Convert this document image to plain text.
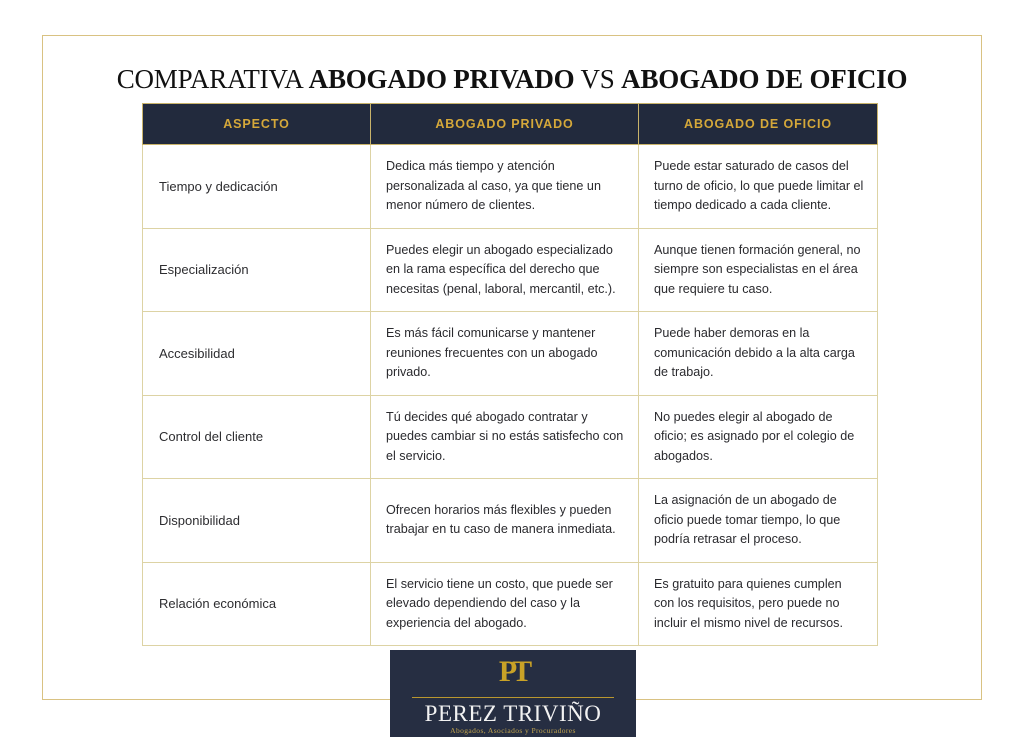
COMPARATIVA ABOGADO PRIVADO VS ABOGADO DE OFICIO
ASPECTO	ABOGADO PRIVADO	ABOGADO DE OFICIO
Tiempo y dedicación	Dedica más tiempo y atención personalizada al caso, ya que tiene un menor número de clientes.	Puede estar saturado de casos del turno de oficio, lo que puede limitar el tiempo dedicado a cada cliente.
Especialización	Puedes elegir un abogado especializado en la rama específica del derecho que necesitas (penal, laboral, mercantil, etc.).	Aunque tienen formación general, no siempre son especialistas en el área que requiere tu caso.
Accesibilidad	Es más fácil comunicarse y mantener reuniones frecuentes con un abogado privado.	Puede haber demoras en la comunicación debido a la alta carga de trabajo.
Control del cliente	Tú decides qué abogado contratar y puedes cambiar si no estás satisfecho con el servicio.	No puedes elegir al abogado de oficio; es asignado por el colegio de abogados.
Disponibilidad	Ofrecen horarios más flexibles y pueden trabajar en tu caso de manera inmediata.	La asignación de un abogado de oficio puede tomar tiempo, lo que podría retrasar el proceso.
Relación económica	El servicio tiene un costo, que puede ser elevado dependiendo del caso y la experiencia del abogado.	Es gratuito para quienes cumplen con los requisitos, pero puede no incluir el mismo nivel de recursos.
PT
PEREZ TRIVIÑO
Abogados, Asociados y Procuradores
